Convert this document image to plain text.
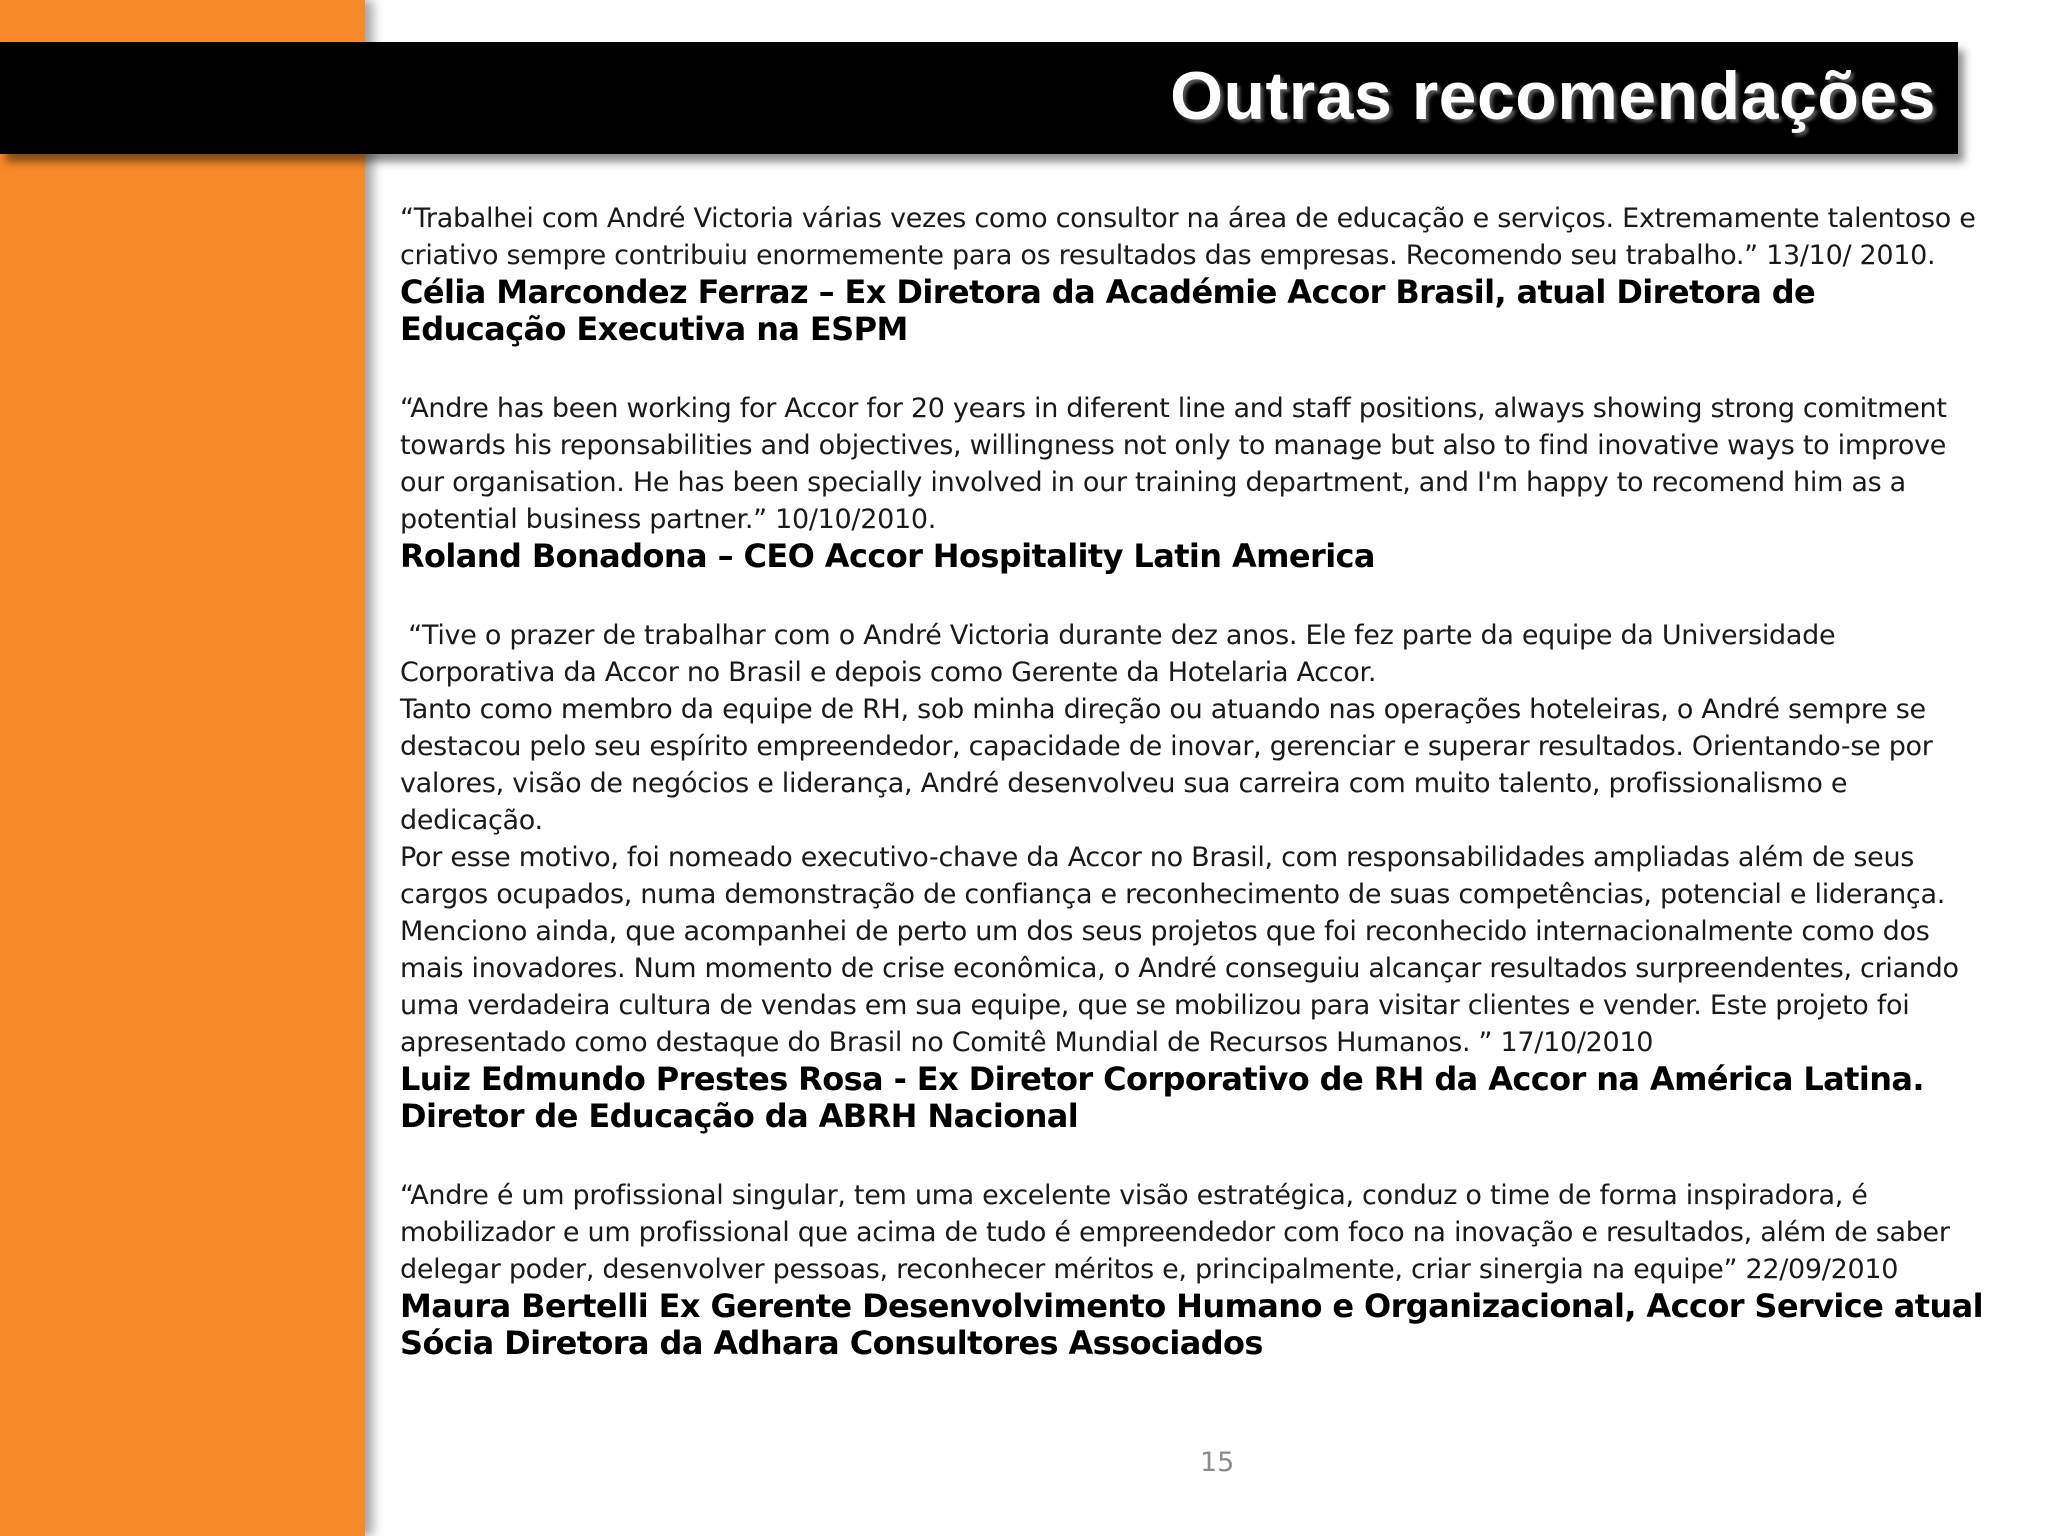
Outras recomendações

“Trabalhei com André Victoria várias vezes como consultor na área de educação e serviços. Extremamente talentoso e criativo sempre contribuiu enormemente para os resultados das empresas. Recomendo seu trabalho.” 13/10/ 2010.

Célia Marcondez Ferraz – Ex Diretora da Académie Accor Brasil, atual Diretora de Educação Executiva na ESPM

“Andre has been working for Accor for 20 years in diferent line and staff positions, always showing strong comitment towards his reponsabilities and objectives, willingness not only to manage but also to find inovative ways to improve our organisation. He has been specially involved in our training department, and I'm happy to recomend him as a potential business partner.” 10/10/2010.

Roland Bonadona – CEO Accor Hospitality Latin America

“Tive o prazer de trabalhar com o André Victoria durante dez anos. Ele fez parte da equipe da Universidade Corporativa da Accor no Brasil e depois como Gerente da Hotelaria Accor.
Tanto como membro da equipe de RH, sob minha direção ou atuando nas operações hoteleiras, o André sempre se destacou pelo seu espírito empreendedor, capacidade de inovar, gerenciar e superar resultados. Orientando-se por valores, visão de negócios e liderança, André desenvolveu sua carreira com muito talento, profissionalismo e dedicação.
Por esse motivo, foi nomeado executivo-chave da Accor no Brasil, com responsabilidades ampliadas além de seus cargos ocupados, numa demonstração de confiança e reconhecimento de suas competências, potencial e liderança.
Menciono ainda, que acompanhei de perto um dos seus projetos que foi reconhecido internacionalmente como dos mais inovadores. Num momento de crise econômica, o André conseguiu alcançar resultados surpreendentes, criando uma verdadeira cultura de vendas em sua equipe, que se mobilizou para visitar clientes e vender. Este projeto foi apresentado como destaque do Brasil no Comitê Mundial de Recursos Humanos. ” 17/10/2010

Luiz Edmundo Prestes Rosa - Ex Diretor Corporativo de RH da Accor na América Latina. Diretor de Educação da ABRH Nacional

“Andre é um profissional singular, tem uma excelente visão estratégica, conduz o time de forma inspiradora, é mobilizador e um profissional que acima de tudo é empreendedor com foco na inovação e resultados, além de saber delegar poder, desenvolver pessoas, reconhecer méritos e, principalmente, criar sinergia na equipe” 22/09/2010

Maura Bertelli Ex Gerente Desenvolvimento Humano e Organizacional, Accor Service atual Sócia Diretora da Adhara Consultores Associados

15
